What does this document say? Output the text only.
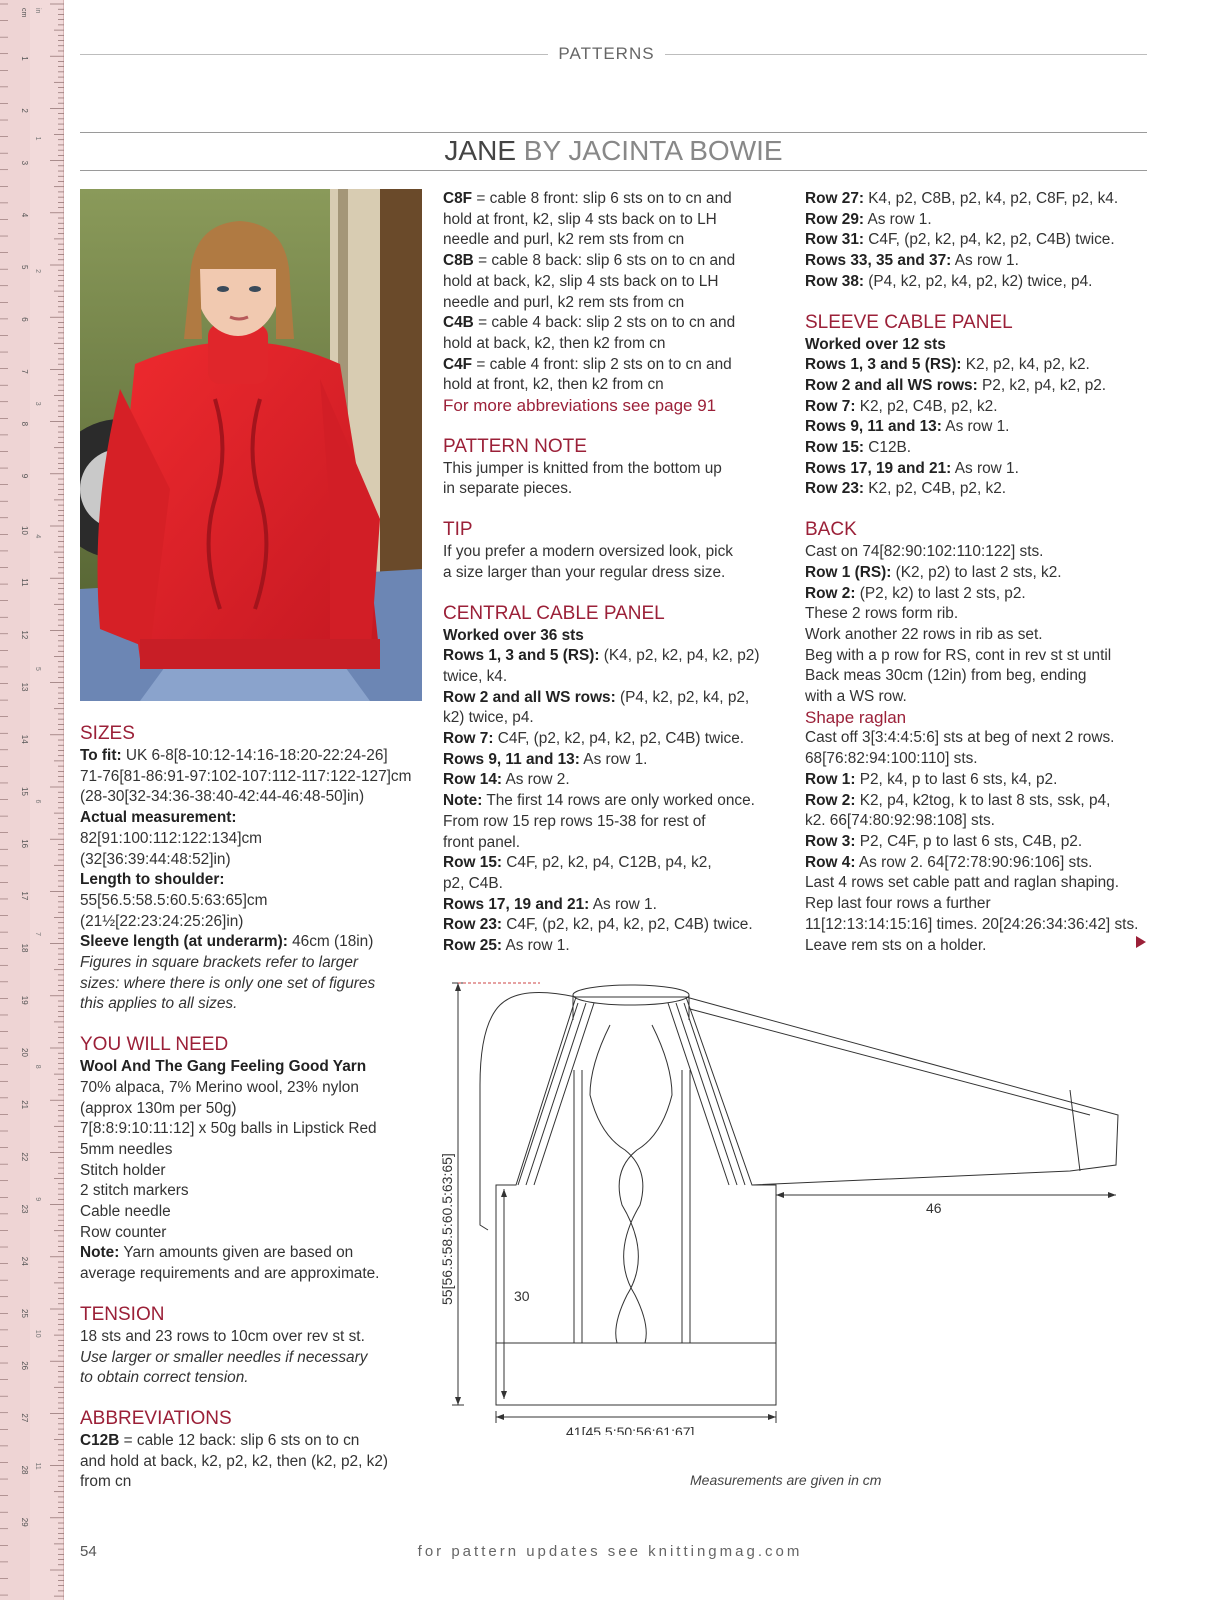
1
2
3
4
5
6
7
8
9
10
11
12
13
14
15
16
17
18
19
20
21
22
23
24
25
26
27
28
29
1
2
3
4
5
6
7
8
9
10
11
cm in
PATTERNS
JANE BY JACINTA BOWIE
SIZES

To fit: UK 6-8[8-10:12-14:16-18:20-22:24-26]

71-76[81-86:91-97:102-107:112-117:122-127]cm

(28-30[32-34:36-38:40-42:44-46:48-50]in)

Actual measurement:

82[91:100:112:122:134]cm

(32[36:39:44:48:52]in)

Length to shoulder:

55[56.5:58.5:60.5:63:65]cm

(21½[22:23:24:25:26]in)

Sleeve length (at underarm): 46cm (18in)

Figures in square brackets refer to larger

sizes: where there is only one set of figures

this applies to all sizes.

YOU WILL NEED

Wool And The Gang Feeling Good Yarn

70% alpaca, 7% Merino wool, 23% nylon

(approx 130m per 50g)

7[8:8:9:10:11:12] x 50g balls in Lipstick Red

5mm needles

Stitch holder

2 stitch markers

Cable needle

Row counter

Note: Yarn amounts given are based on

average requirements and are approximate.

TENSION

18 sts and 23 rows to 10cm over rev st st.

Use larger or smaller needles if necessary

to obtain correct tension.

ABBREVIATIONS

C12B = cable 12 back: slip 6 sts on to cn

and hold at back, k2, p2, k2, then (k2, p2, k2)

from cn

C8F = cable 8 front: slip 6 sts on to cn and

hold at front, k2, slip 4 sts back on to LH

needle and purl, k2 rem sts from cn

C8B = cable 8 back: slip 6 sts on to cn and

hold at back, k2, slip 4 sts back on to LH

needle and purl, k2 rem sts from cn

C4B = cable 4 back: slip 2 sts on to cn and

hold at back, k2, then k2 from cn

C4F = cable 4 front: slip 2 sts on to cn and

hold at front, k2, then k2 from cn

For more abbreviations see page 91

PATTERN NOTE

This jumper is knitted from the bottom up

in separate pieces.

TIP

If you prefer a modern oversized look, pick

a size larger than your regular dress size.

CENTRAL CABLE PANEL

Worked over 36 sts

Rows 1, 3 and 5 (RS): (K4, p2, k2, p4, k2, p2)

twice, k4.

Row 2 and all WS rows: (P4, k2, p2, k4, p2,

k2) twice, p4.

Row 7: C4F, (p2, k2, p4, k2, p2, C4B) twice.

Rows 9, 11 and 13: As row 1.

Row 14: As row 2.

Note: The first 14 rows are only worked once.

From row 15 rep rows 15-38 for rest of

front panel.

Row 15: C4F, p2, k2, p4, C12B, p4, k2,

p2, C4B.

Rows 17, 19 and 21: As row 1.

Row 23: C4F, (p2, k2, p4, k2, p2, C4B) twice.

Row 25: As row 1.

Row 27: K4, p2, C8B, p2, k4, p2, C8F, p2, k4.

Row 29: As row 1.

Row 31: C4F, (p2, k2, p4, k2, p2, C4B) twice.

Rows 33, 35 and 37: As row 1.

Row 38: (P4, k2, p2, k4, p2, k2) twice, p4.

SLEEVE CABLE PANEL

Worked over 12 sts

Rows 1, 3 and 5 (RS): K2, p2, k4, p2, k2.

Row 2 and all WS rows: P2, k2, p4, k2, p2.

Row 7: K2, p2, C4B, p2, k2.

Rows 9, 11 and 13: As row 1.

Row 15: C12B.

Rows 17, 19 and 21: As row 1.

Row 23: K2, p2, C4B, p2, k2.

BACK

Cast on 74[82:90:102:110:122] sts.

Row 1 (RS): (K2, p2) to last 2 sts, k2.

Row 2: (P2, k2) to last 2 sts, p2.

These 2 rows form rib.

Work another 22 rows in rib as set.

Beg with a p row for RS, cont in rev st st until

Back meas 30cm (12in) from beg, ending

with a WS row.

Shape raglan

Cast off 3[3:4:4:5:6] sts at beg of next 2 rows.

68[76:82:94:100:110] sts.

Row 1: P2, k4, p to last 6 sts, k4, p2.

Row 2: K2, p4, k2tog, k to last 8 sts, ssk, p4,

k2. 66[74:80:92:98:108] sts.

Row 3: P2, C4F, p to last 6 sts, C4B, p2.

Row 4: As row 2. 64[72:78:90:96:106] sts.

Last 4 rows set cable patt and raglan shaping.

Rep last four rows a further

11[12:13:14:15:16] times. 20[24:26:34:36:42] sts.

Leave rem sts on a holder.

55[56.5:58.5:60.5:63:65]	30
46
41[45.5:50:56:61:67]
Measurements are given in cm
54	for pattern updates see knittingmag.com
